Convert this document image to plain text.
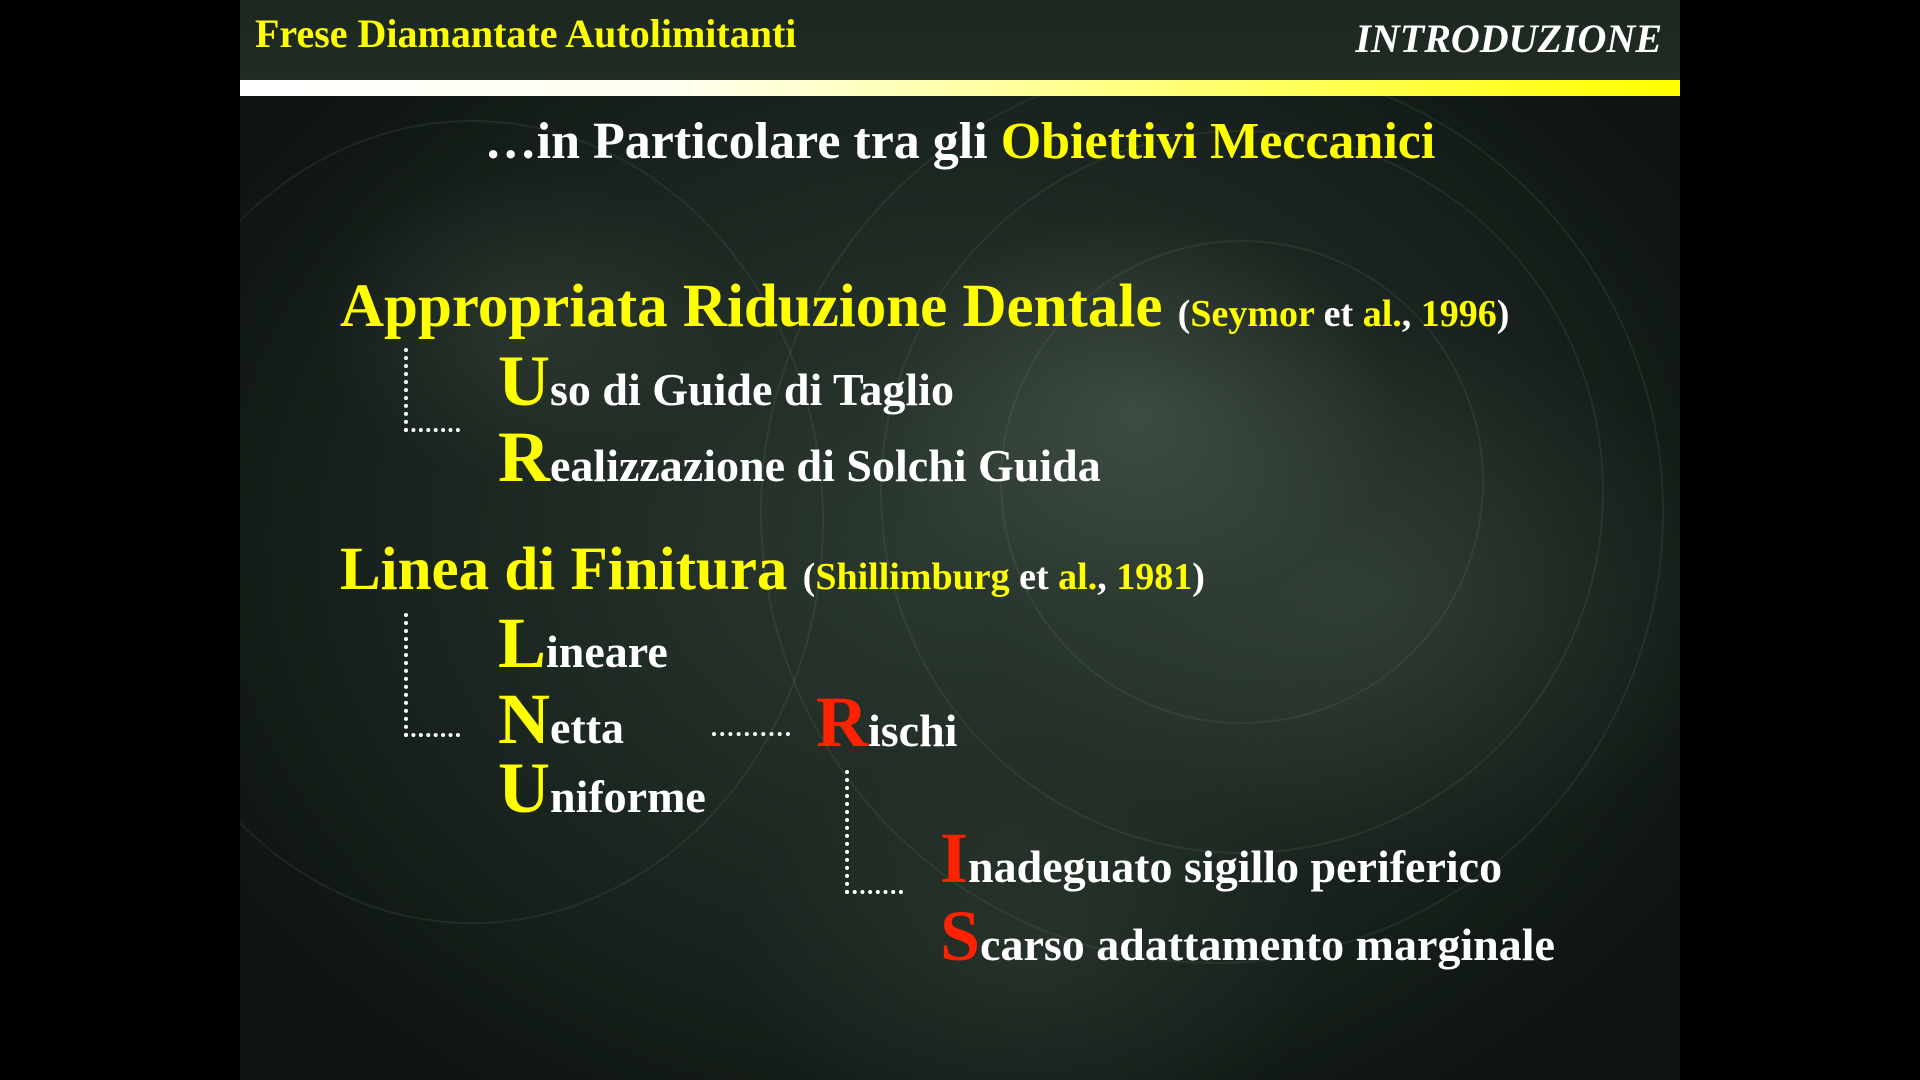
Frese Diamantate Autolimitanti	INTRODUZIONE
…in Particolare tra gli Obiettivi Meccanici
Appropriata Riduzione Dentale (Seymor et al., 1996)
Uso di Guide di Taglio
Realizzazione di Solchi Guida
Linea di Finitura (Shillimburg et al., 1981)
Lineare
Netta
Uniforme
Rischi
Inadeguato sigillo periferico
Scarso adattamento marginale
